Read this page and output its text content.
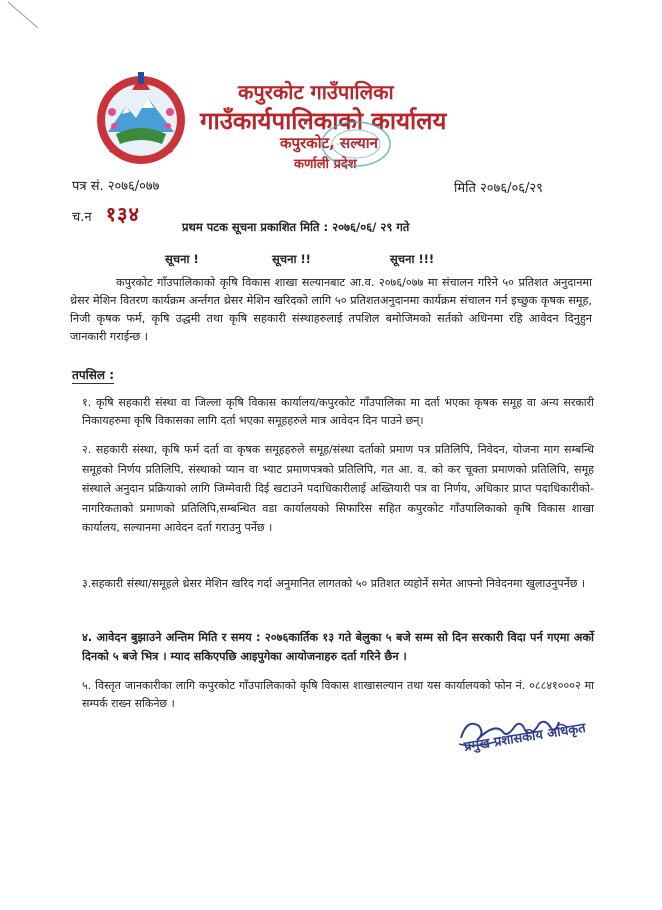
कपुरकोट गाउँपालिका
गाउँकार्यपालिकाको कार्यालय
कपुरकोट, सल्यान
कर्णाली प्रदेश
पत्र सं. २०७६/०७७	मिति २०७६/०६/२९
च.न १३४
प्रथम पटक सूचना प्रकाशित मिति : २०७६/०६/ २९ गते
सूचना !	सूचना !!	सूचना !!!
कपुरकोट गाँउपालिकाको कृषि विकास शाखा सल्यानबाट आ.व. २०७६/०७७ मा संचालन गरिने ५० प्रतिशत अनुदानमा थ्रेसर मेशिन वितरण कार्यक्रम अर्न्तगत थ्रेसर मेशिन खरिदको लागि ५० प्रतिशतअनुदानमा कार्यक्रम संचालन गर्न इच्छुक कृषक समूह, निजी कृषक फर्म, कृषि उद्धमी तथा कृषि सहकारी संस्थाहरुलाई तपशिल बमोजिमको सर्तको अधिनमा रहि आवेदन दिनुहुन जानकारी गराईन्छ ।
तपसिल :
१. कृषि सहकारी संस्था वा जिल्ला कृषि विकास कार्यालय/कपुरकोट गाँउपालिका मा दर्ता भएका कृषक समूह वा अन्य सरकारी निकायहरुमा कृषि विकासका लागि दर्ता भएका समूहहरुले मात्र आवेदन दिन पाउने छन्।
२. सहकारी संस्था, कृषि फर्म दर्ता वा कृषक समूहहरुले समूह/संस्था दर्ताको प्रमाण पत्र प्रतिलिपि, निवेदन, योजना माग सम्बन्धि समूहको निर्णय प्रतिलिपि, संस्थाको प्यान वा भ्याट प्रमाणपत्रको प्रतिलिपि, गत आ. व. को कर चूक्ता प्रमाणको प्रतिलिपि, समूह संस्थाले अनुदान प्रक्रियाको लागि जिम्मेवारी दिई खटाउने पदाधिकारीलाई अख्तियारी पत्र वा निर्णय, अधिकार प्राप्त पदाधिकारीको- नागरिकताको प्रमाणको प्रतिलिपि,सम्बन्धित वडा कार्यालयको सिफारिस सहित कपुरकोट गाँउपालिकाको कृषि विकास शाखा कार्यालय, सल्यानमा आवेदन दर्ता गराउनु पर्नेछ ।
३.सहकारी संस्था/समूहले थ्रेसर मेशिन खरिद गर्दा अनुमानित लागतको ५० प्रतिशत व्यहोर्ने समेत आफ्नो निवेदनमा खुलाउनुपर्नेछ ।
४. आवेदन बुझाउने अन्तिम मिति र समय : २०७६कार्तिक १३ गते बेलुका ५ बजे सम्म सो दिन सरकारी विदा पर्न गएमा अर्को दिनको ५ बजे भित्र । म्याद सकिएपछि आइपुगेका आयोजनाहरु दर्ता गरिने छैन ।
५. विस्तृत जानकारीका लागि कपुरकोट गाँउपालिकाको कृषि विकास शाखासल्यान तथा यस कार्यालयको फोन नं. ०८८४१०००२ मा सम्पर्क राख्न सकिनेछ ।
प्रमुख प्रशासकीय अधिकृत
